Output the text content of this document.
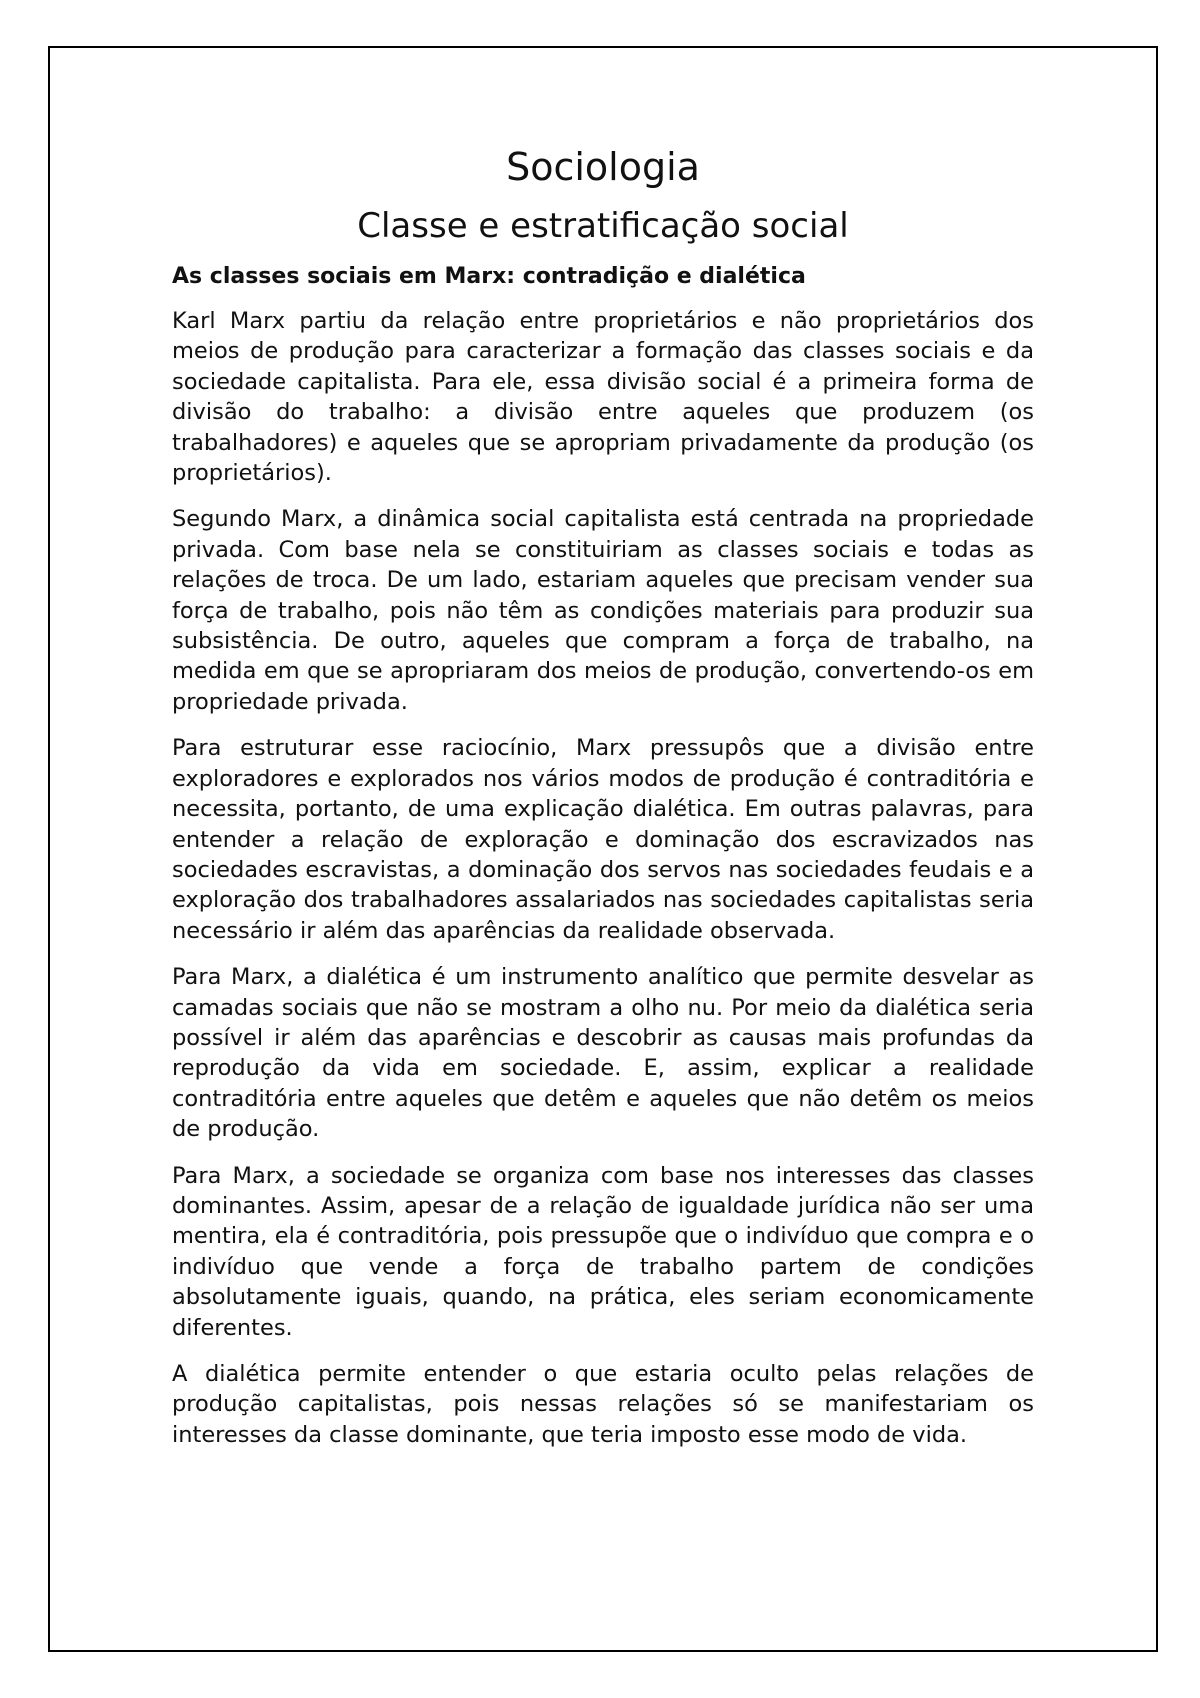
Sociologia
Classe e estratificação social

As classes sociais em Marx: contradição e dialética

Karl Marx partiu da relação entre proprietários e não proprietários dos meios de produção para caracterizar a formação das classes sociais e da sociedade capitalista. Para ele, essa divisão social é a primeira forma de divisão do trabalho: a divisão entre aqueles que produzem (os trabalhadores) e aqueles que se apropriam privadamente da produção (os proprietários).

Segundo Marx, a dinâmica social capitalista está centrada na propriedade privada. Com base nela se constituiriam as classes sociais e todas as relações de troca. De um lado, estariam aqueles que precisam vender sua força de trabalho, pois não têm as condições materiais para produzir sua subsistência. De outro, aqueles que compram a força de trabalho, na medida em que se apropriaram dos meios de produção, convertendo-os em propriedade privada.

Para estruturar esse raciocínio, Marx pressupôs que a divisão entre exploradores e explorados nos vários modos de produção é contraditória e necessita, portanto, de uma explicação dialética. Em outras palavras, para entender a relação de exploração e dominação dos escravizados nas sociedades escravistas, a dominação dos servos nas sociedades feudais e a exploração dos trabalhadores assalariados nas sociedades capitalistas seria necessário ir além das aparências da realidade observada.

Para Marx, a dialética é um instrumento analítico que permite desvelar as camadas sociais que não se mostram a olho nu. Por meio da dialética seria possível ir além das aparências e descobrir as causas mais profundas da reprodução da vida em sociedade. E, assim, explicar a realidade contraditória entre aqueles que detêm e aqueles que não detêm os meios de produção.

Para Marx, a sociedade se organiza com base nos interesses das classes dominantes. Assim, apesar de a relação de igualdade jurídica não ser uma mentira, ela é contraditória, pois pressupõe que o indivíduo que compra e o indivíduo que vende a força de trabalho partem de condições absolutamente iguais, quando, na prática, eles seriam economicamente diferentes.

A dialética permite entender o que estaria oculto pelas relações de produção capitalistas, pois nessas relações só se manifestariam os interesses da classe dominante, que teria imposto esse modo de vida.
